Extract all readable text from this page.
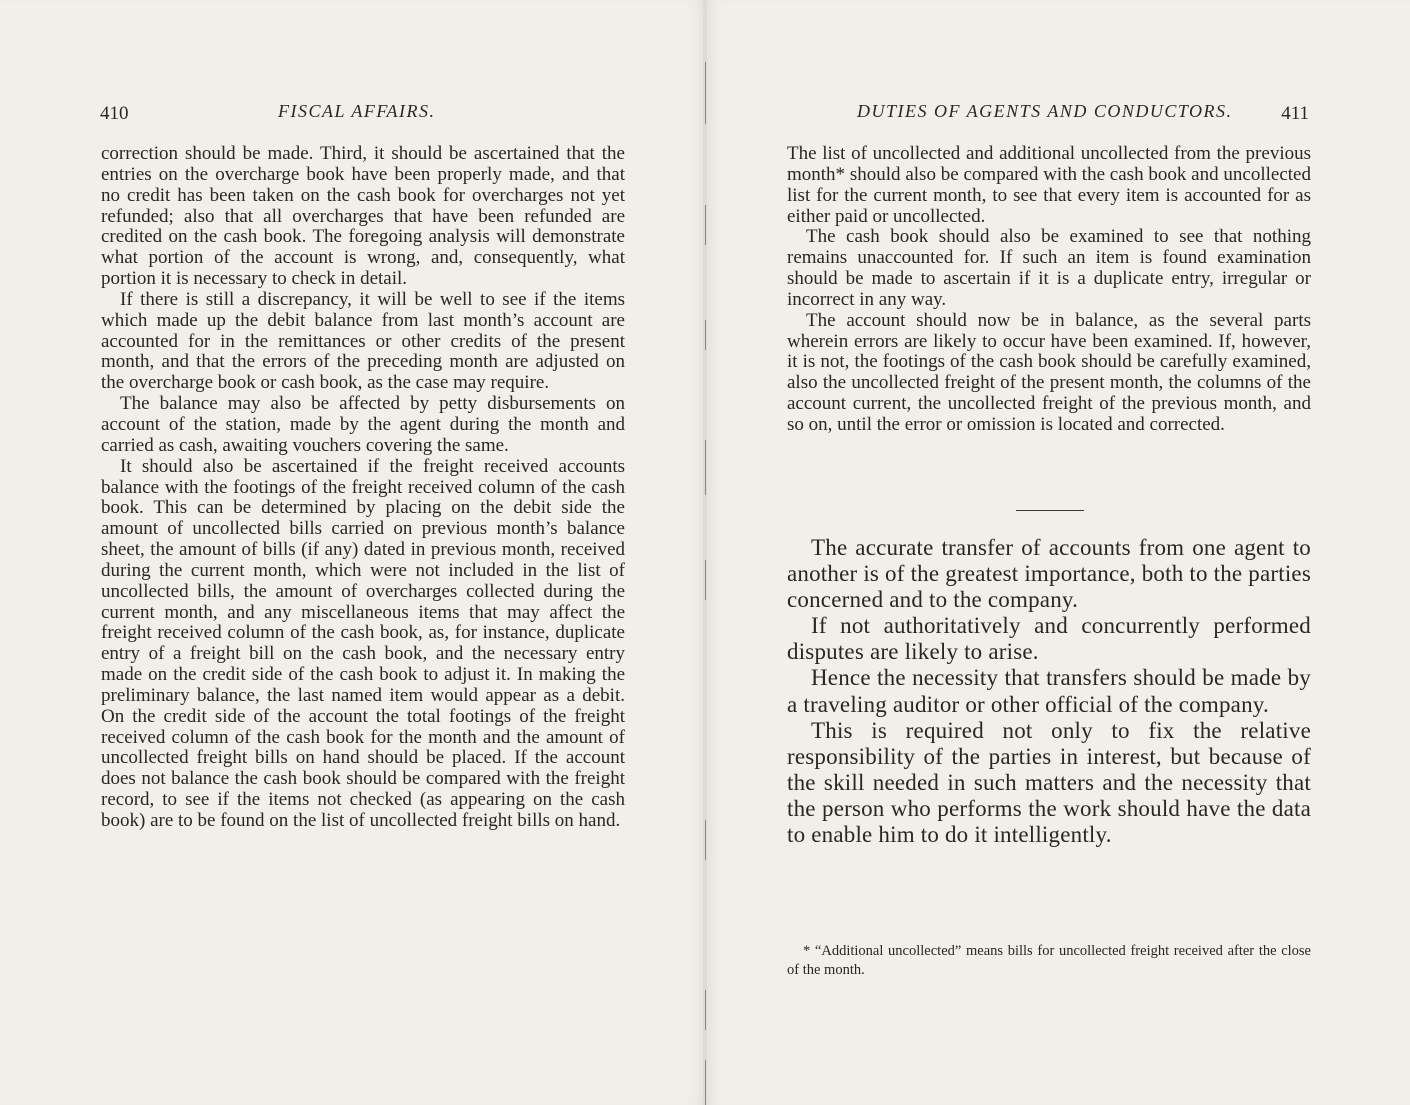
410	FISCAL AFFAIRS.

correction should be made. Third, it should be ascertained that the entries on the overcharge book have been properly made, and that no credit has been taken on the cash book for overcharges not yet refunded; also that all overcharges that have been refunded are credited on the cash book. The foregoing analysis will demonstrate what portion of the account is wrong, and, consequently, what portion it is necessary to check in detail.

If there is still a discrepancy, it will be well to see if the items which made up the debit balance from last month’s account are accounted for in the remittances or other credits of the present month, and that the errors of the preceding month are adjusted on the overcharge book or cash book, as the case may require.

The balance may also be affected by petty disbursements on account of the station, made by the agent during the month and carried as cash, awaiting vouchers covering the same.

It should also be ascertained if the freight received accounts balance with the footings of the freight received column of the cash book. This can be determined by placing on the debit side the amount of uncollected bills carried on previous month’s balance sheet, the amount of bills (if any) dated in previous month, received during the current month, which were not included in the list of uncollected bills, the amount of overcharges collected during the current month, and any miscellaneous items that may affect the freight received column of the cash book, as, for instance, duplicate entry of a freight bill on the cash book, and the necessary entry made on the credit side of the cash book to adjust it. In making the preliminary balance, the last named item would appear as a debit. On the credit side of the account the total footings of the freight received column of the cash book for the month and the amount of uncollected freight bills on hand should be placed. If the account does not balance the cash book should be compared with the freight record, to see if the items not checked (as appearing on the cash book) are to be found on the list of uncollected freight bills on hand.

DUTIES OF AGENTS AND CONDUCTORS.	411

The list of uncollected and additional uncollected from the previous month* should also be compared with the cash book and uncollected list for the current month, to see that every item is accounted for as either paid or uncollected.

The cash book should also be examined to see that nothing remains unaccounted for. If such an item is found examination should be made to ascertain if it is a duplicate entry, irregular or incorrect in any way.

The account should now be in balance, as the several parts wherein errors are likely to occur have been examined. If, however, it is not, the footings of the cash book should be carefully examined, also the uncollected freight of the present month, the columns of the account current, the uncollected freight of the previous month, and so on, until the error or omission is located and corrected.

The accurate transfer of accounts from one agent to another is of the greatest importance, both to the parties concerned and to the company.

If not authoritatively and concurrently performed disputes are likely to arise.

Hence the necessity that transfers should be made by a traveling auditor or other official of the company.

This is required not only to fix the relative responsibility of the parties in interest, but because of the skill needed in such matters and the necessity that the person who performs the work should have the data to enable him to do it intelligently.

* “Additional uncollected” means bills for uncollected freight received after the close of the month.
